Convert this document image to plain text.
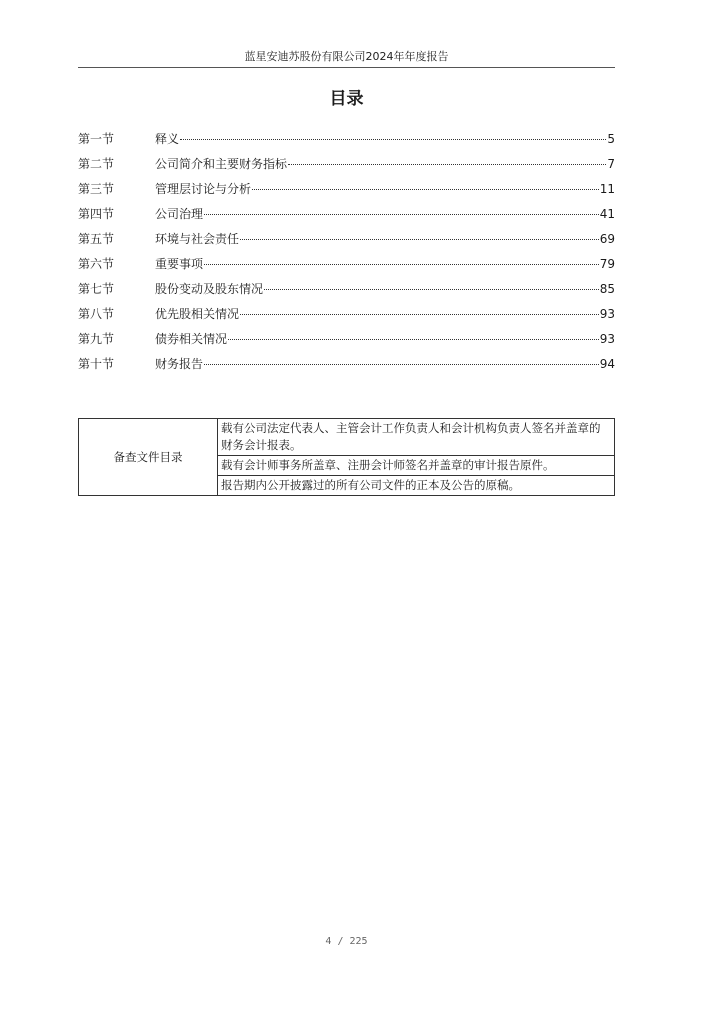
蓝星安迪苏股份有限公司2024年年度报告
目录
第一节	释义	5
第二节	公司简介和主要财务指标	7
第三节	管理层讨论与分析	11
第四节	公司治理	41
第五节	环境与社会责任	69
第六节	重要事项	79
第七节	股份变动及股东情况	85
第八节	优先股相关情况	93
第九节	债券相关情况	93
第十节	财务报告	94
备查文件目录	载有公司法定代表人、主管会计工作负责人和会计机构负责人签名并盖章的财务会计报表。
载有会计师事务所盖章、注册会计师签名并盖章的审计报告原件。
报告期内公开披露过的所有公司文件的正本及公告的原稿。
4 / 225
